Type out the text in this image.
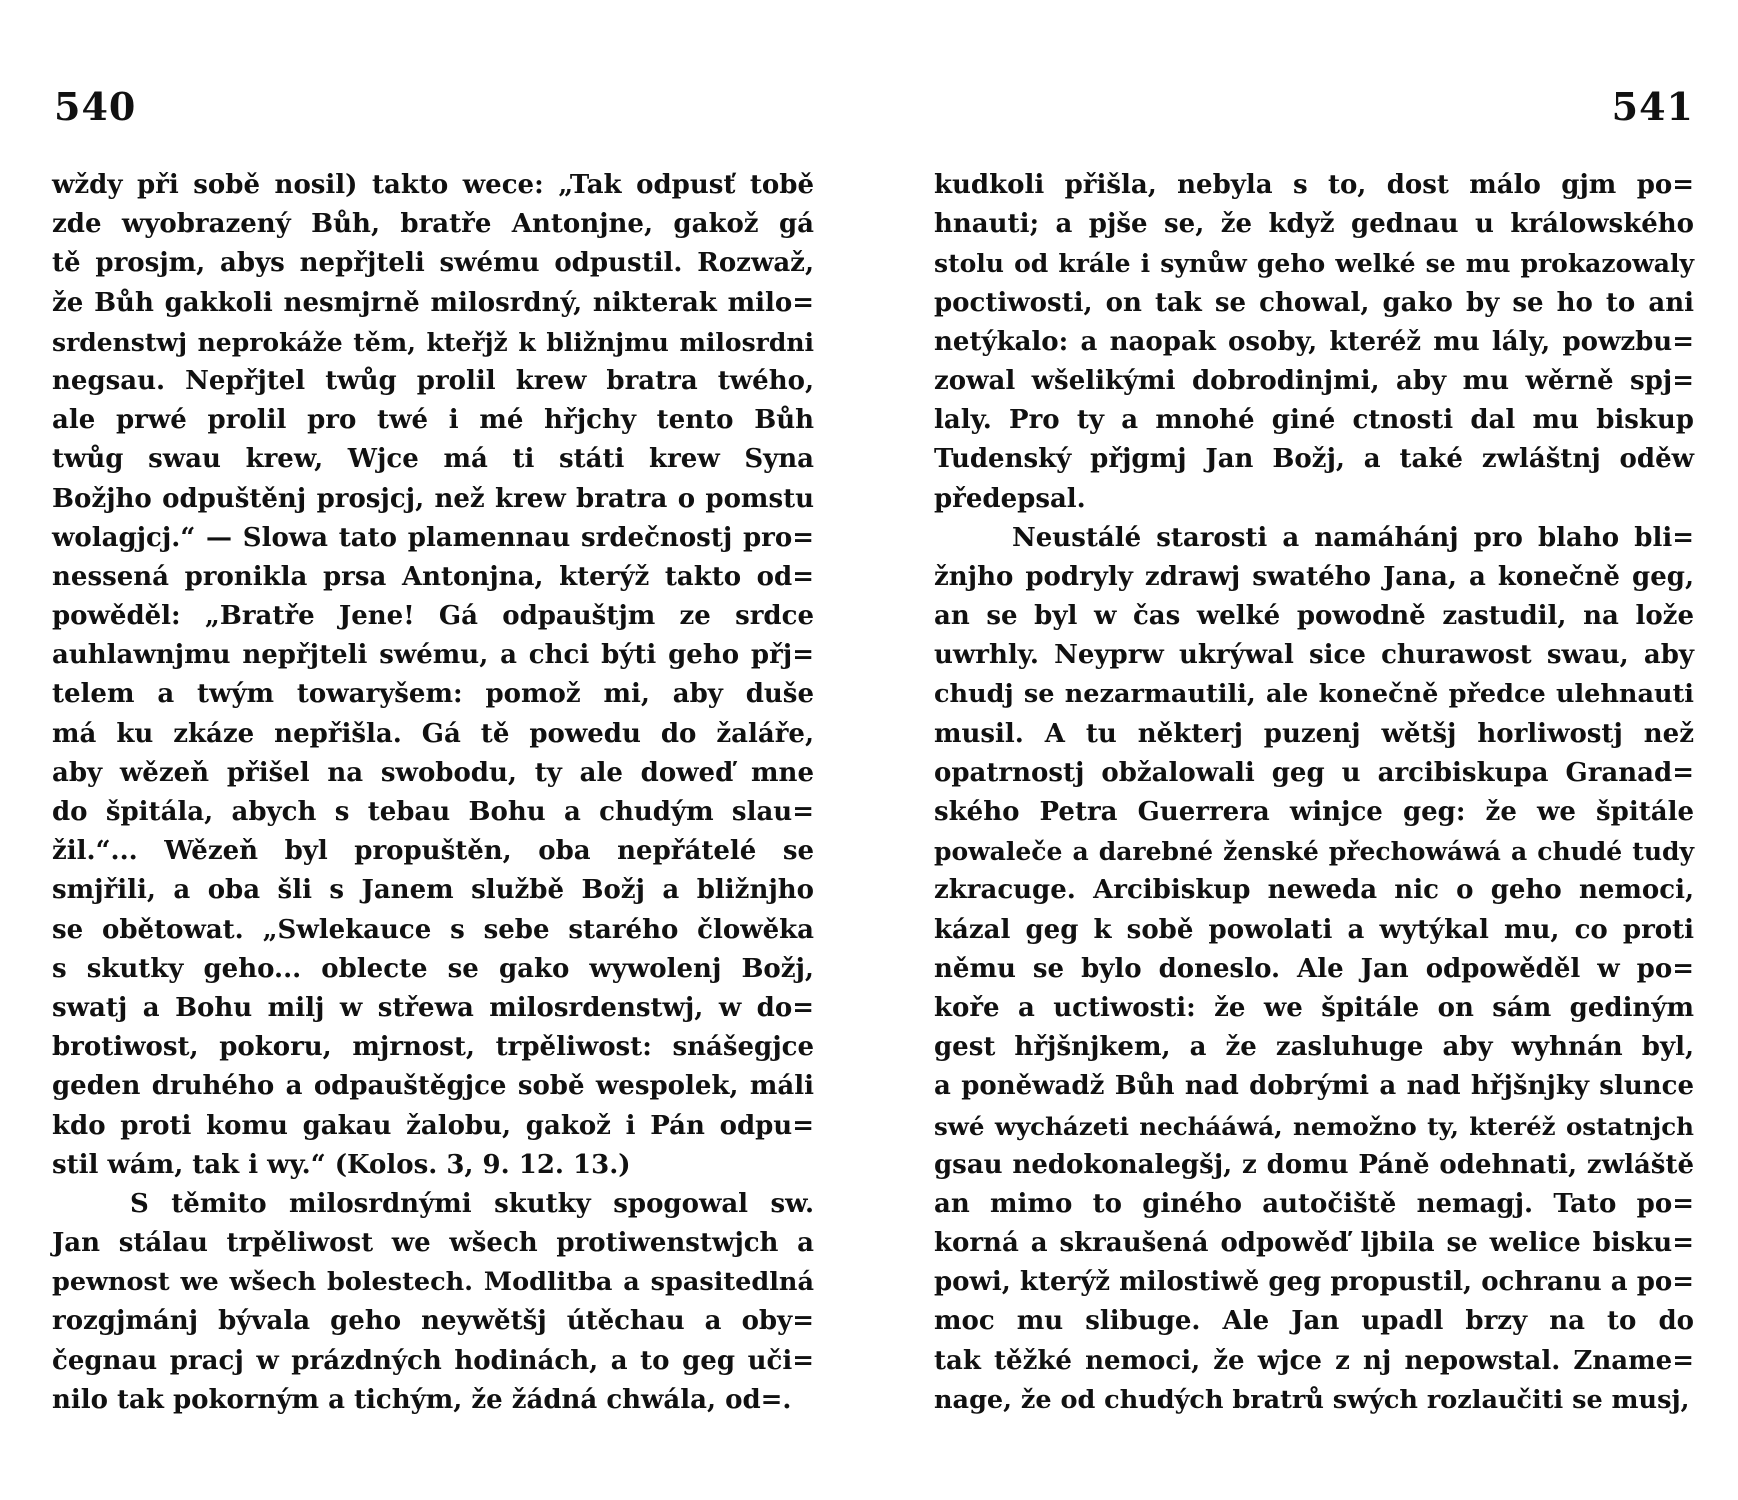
540
wždy při sobě nosil) takto wece: „Tak odpusť tobě
zde wyobrazený Bůh, bratře Antonjne, gakož gá
tě prosjm, abys nepřjteli swému odpustil. Rozwaž,
že Bůh gakkoli nesmjrně milosrdný, nikterak milo=
srdenstwj neprokáže těm, kteřjž k bližnjmu milosrdni
negsau. Nepřjtel twůg prolil krew bratra twého,
ale prwé prolil pro twé i mé hřjchy tento Bůh
twůg swau krew, Wjce má ti státi krew Syna
Božjho odpuštěnj prosjcj, než krew bratra o pomstu
wolagjcj.“ — Slowa tato plamennau srdečnostj pro=
nessená pronikla prsa Antonjna, kterýž takto od=
powěděl: „Bratře Jene! Gá odpauštjm ze srdce
auhlawnjmu nepřjteli swému, a chci býti geho přj=
telem a twým towaryšem: pomož mi, aby duše
má ku zkáze nepřišla. Gá tě powedu do žaláře,
aby wězeň přišel na swobodu, ty ale doweď mne
do špitála, abych s tebau Bohu a chudým slau=
žil.“... Wězeň byl propuštěn, oba nepřátelé se
smjřili, a oba šli s Janem službě Božj a bližnjho
se obětowat. „Swlekauce s sebe starého člowěka
s skutky geho... oblecte se gako wywolenj Božj,
swatj a Bohu milj w střewa milosrdenstwj, w do=
brotiwost, pokoru, mjrnost, trpěliwost: snášegjce
geden druhého a odpauštěgjce sobě wespolek, máli
kdo proti komu gakau žalobu, gakož i Pán odpu=
stil wám, tak i wy.“ (Kolos. 3, 9. 12. 13.)
S těmito milosrdnými skutky spogowal sw.
Jan stálau trpěliwost we wšech protiwenstwjch a
pewnost we wšech bolestech. Modlitba a spasitedlná
rozgjmánj bývala geho neywětšj útěchau a oby=
čegnau pracj w prázdných hodinách, a to geg uči=
nilo tak pokorným a tichým, že žádná chwála, od=.
541
kudkoli přišla, nebyla s to, dost málo gjm po=
hnauti; a pjše se, že když gednau u králowského
stolu od krále i synůw geho welké se mu prokazowaly
poctiwosti, on tak se chowal, gako by se ho to ani
netýkalo: a naopak osoby, kteréž mu lály, powzbu=
zowal wšelikými dobrodinjmi, aby mu wěrně spj=
laly. Pro ty a mnohé giné ctnosti dal mu biskup
Tudenský přjgmj Jan Božj, a také zwláštnj oděw
předepsal.
Neustálé starosti a namáhánj pro blaho bli=
žnjho podryly zdrawj swatého Jana, a konečně geg,
an se byl w čas welké powodně zastudil, na lože
uwrhly. Neyprw ukrýwal sice churawost swau, aby
chudj se nezarmautili, ale konečně předce ulehnauti
musil. A tu některj puzenj wětšj horliwostj než
opatrnostj obžalowali geg u arcibiskupa Granad=
ského Petra Guerrera winjce geg: že we špitále
powaleče a darebné ženské přechowáwá a chudé tudy
zkracuge. Arcibiskup neweda nic o geho nemoci,
kázal geg k sobě powolati a wytýkal mu, co proti
němu se bylo doneslo. Ale Jan odpowěděl w po=
koře a uctiwosti: že we špitále on sám gediným
gest hřjšnjkem, a že zasluhuge aby wyhnán byl,
a poněwadž Bůh nad dobrými a nad hřjšnjky slunce
swé wycházeti nechááwá, nemožno ty, kteréž ostatnjch
gsau nedokonalegšj, z domu Páně odehnati, zwláště
an mimo to giného autočiště nemagj. Tato po=
korná a skraušená odpowěď ljbila se welice bisku=
powi, kterýž milostiwě geg propustil, ochranu a po=
moc mu slibuge. Ale Jan upadl brzy na to do
tak těžké nemoci, že wjce z nj nepowstal. Zname=
nage, že od chudých bratrů swých rozlaučiti se musj,
